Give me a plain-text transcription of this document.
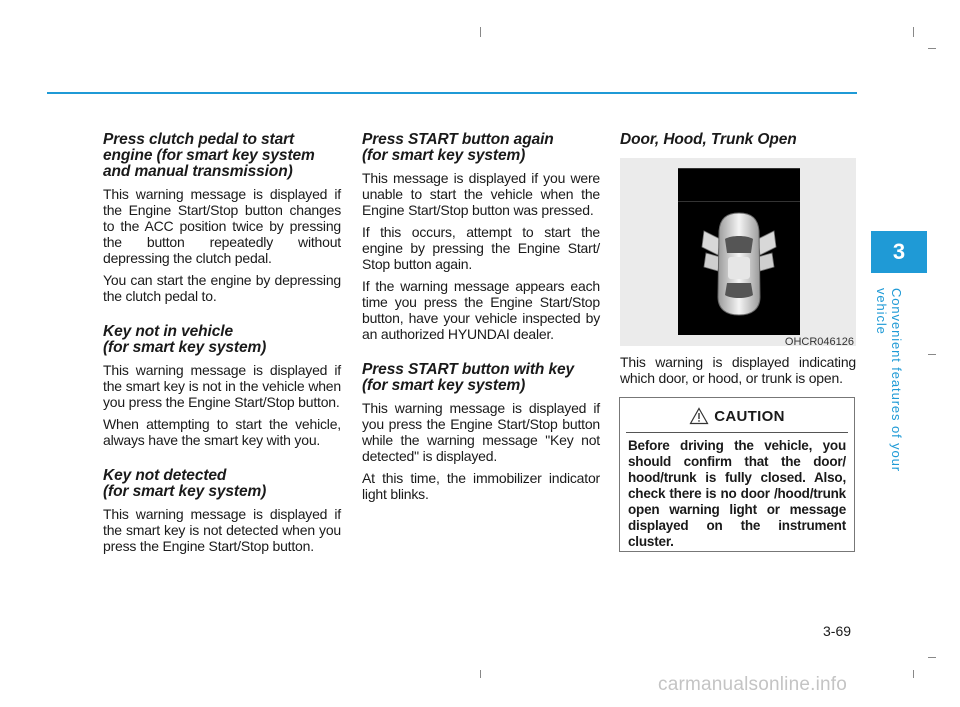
Press clutch pedal to start
engine (for smart key system
and manual transmission)

This warning message is displayed if the Engine Start/Stop button changes to the ACC position twice by pressing the button repeatedly without depressing the clutch pedal.

You can start the engine by depressing the clutch pedal to.

Key not in vehicle
(for smart key system)

This warning message is displayed if the smart key is not in the vehicle when you press the Engine Start/Stop button.

When attempting to start the vehicle, always have the smart key with you.

Key not detected
(for smart key system)

This warning message is displayed if the smart key is not detected when you press the Engine Start/Stop button.

Press START button again
(for smart key system)

This message is displayed if you were unable to start the vehicle when the Engine Start/Stop button was pressed.

If this occurs, attempt to start the engine by pressing the Engine Start/ Stop button again.

If the warning message appears each time you press the Engine Start/Stop button, have your vehicle inspected by an authorized HYUNDAI dealer.

Press START button with key
(for smart key system)

This warning message is displayed if you press the Engine Start/Stop button while the warning message "Key not detected" is displayed.

At this time, the immobilizer indicator light blinks.

Door, Hood, Trunk Open
OHCR046126

This warning is displayed indicating which door, or hood, or trunk is open.

CAUTION
Before driving the vehicle, you should confirm that the door/ hood/trunk is fully closed. Also, check there is no door /hood/trunk open warning light or message displayed on the instrument cluster.
3
Convenient features of your vehicle
3-69
carmanualsonline.info
